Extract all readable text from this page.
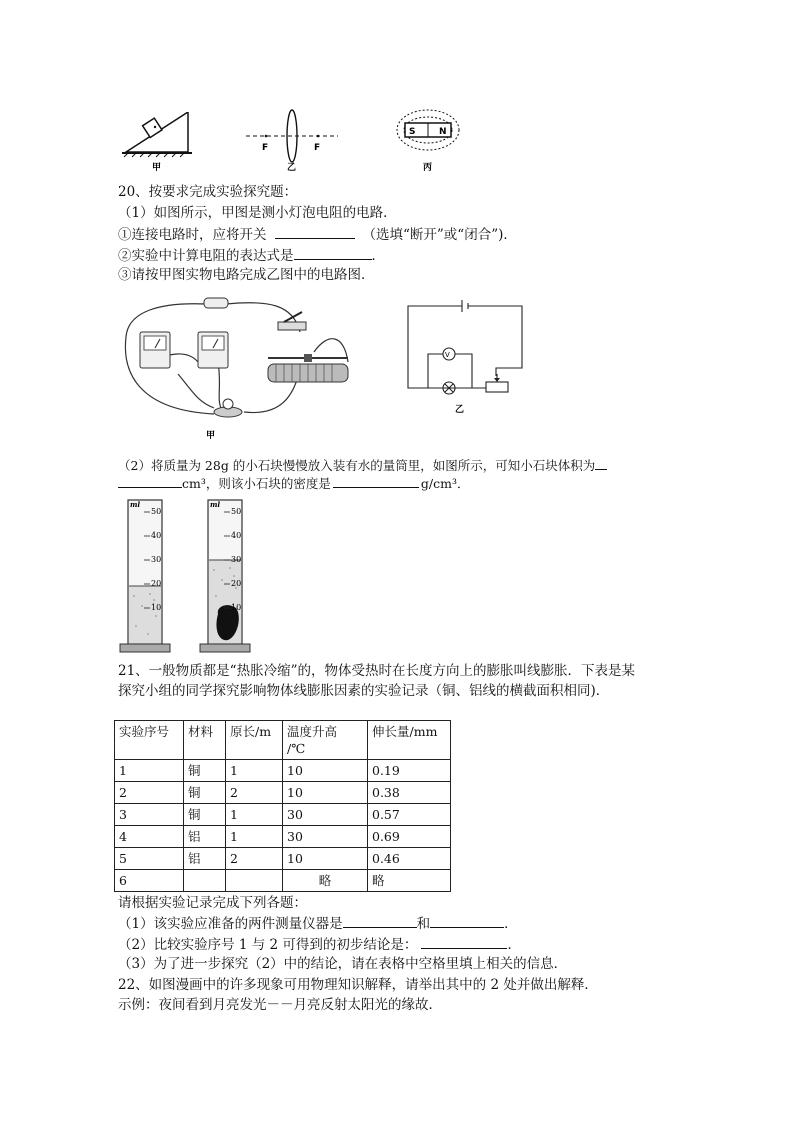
甲
F	F
乙
S	N
丙
20、按要求完成实验探究题：
（1）如图所示，甲图是测小灯泡电阻的电路．
①连接电路时，应将开关	（选填“断开”或“闭合”)．
②实验中计算电阻的表达式是	．
③请按甲图实物电路完成乙图中的电路图．
甲
V
乙
（2）将质量为 28g 的小石块慢慢放入装有水的量筒里，如图所示，可知小石块体积为
cm³，则该小石块的密度是	g/cm³．
ml
50
40
30
20
10
ml
50
40
30
20
10
21、一般物质都是“热胀冷缩”的，物体受热时在长度方向上的膨胀叫线膨胀．下表是某
探究小组的同学探究影响物体线膨胀因素的实验记录（铜、铝线的横截面积相同)．
实验序号	材料	原长/m	温度升高
/℃	伸长量/mm
1	铜	1	10	0.19
2	铜	2	10	0.38
3	铜	1	30	0.57
4	铝	1	30	0.69
5	铝	2	10	0.46
6			略	略
请根据实验记录完成下列各题：
（1）该实验应准备的两件测量仪器是	和	．
（2）比较实验序号 1 与 2 可得到的初步结论是：	．
（3）为了进一步探究（2）中的结论，请在表格中空格里填上相关的信息．
22、如图漫画中的许多现象可用物理知识解释，请举出其中的 2 处并做出解释．
示例：夜间看到月亮发光－－月亮反射太阳光的缘故．
